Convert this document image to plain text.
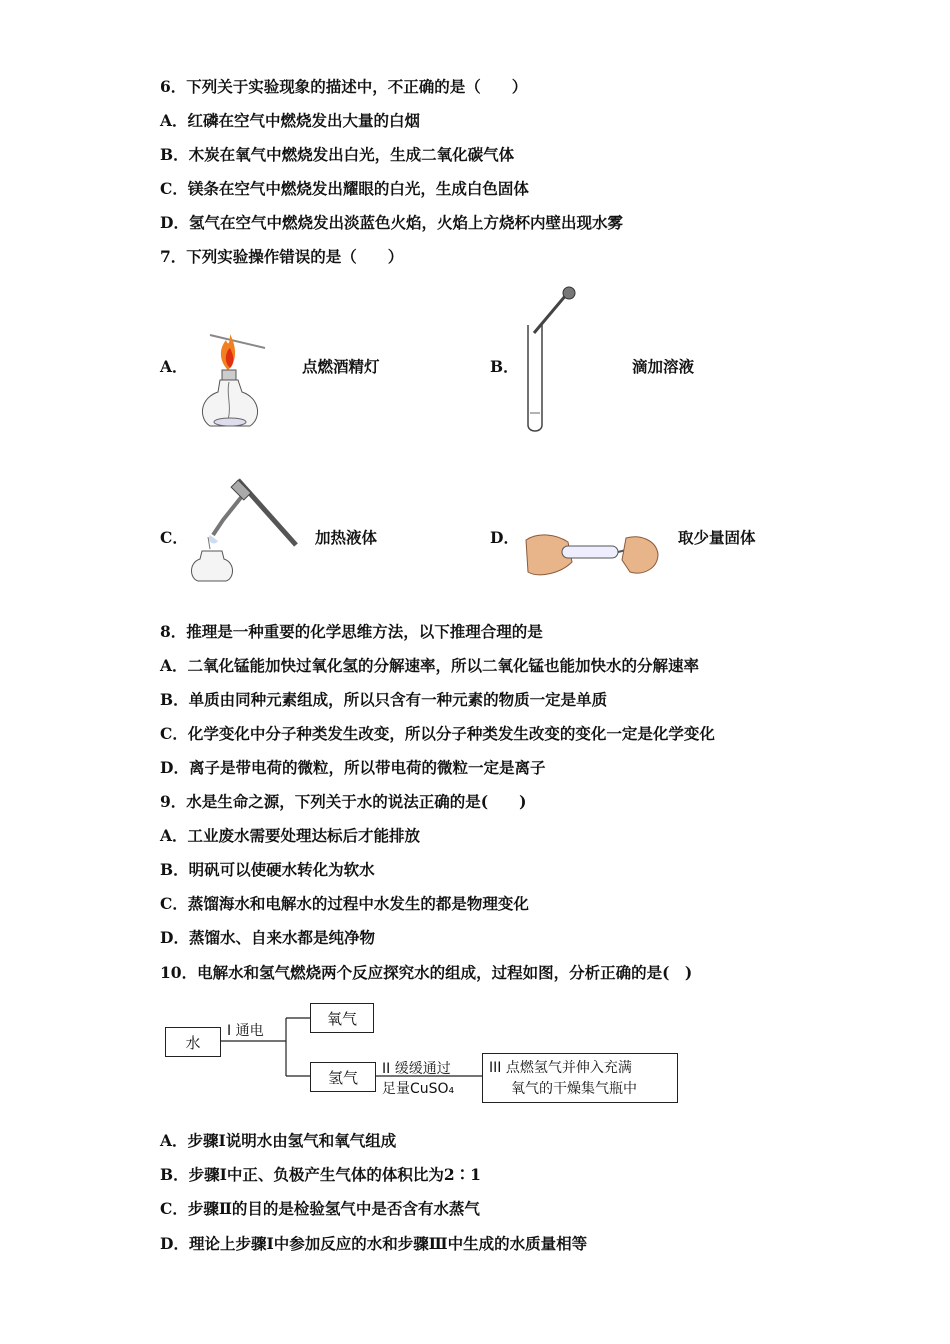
6．下列关于实验现象的描述中，不正确的是（　　）
A．红磷在空气中燃烧发出大量的白烟
B．木炭在氧气中燃烧发出白光，生成二氧化碳气体
C．镁条在空气中燃烧发出耀眼的白光，生成白色固体
D．氢气在空气中燃烧发出淡蓝色火焰，火焰上方烧杯内壁出现水雾
7．下列实验操作错误的是（　　）
A．	点燃酒精灯	B．	滴加溶液
C．	加热液体	D．	取少量固体
8．推理是一种重要的化学思维方法，以下推理合理的是
A．二氧化锰能加快过氧化氢的分解速率，所以二氧化锰也能加快水的分解速率
B．单质由同种元素组成，所以只含有一种元素的物质一定是单质
C．化学变化中分子种类发生改变，所以分子种类发生改变的变化一定是化学变化
D．离子是带电荷的微粒，所以带电荷的微粒一定是离子
9．水是生命之源，下列关于水的说法正确的是(　　)
A．工业废水需要处理达标后才能排放
B．明矾可以使硬水转化为软水
C．蒸馏海水和电解水的过程中水发生的都是物理变化
D．蒸馏水、自来水都是纯净物
10．电解水和氢气燃烧两个反应探究水的组成，过程如图，分析正确的是(　)
水
I 通电
氧气
氢气	II 缓缓通过
足量CuSO₄
III 点燃氢气并伸入充满
氧气的干燥集气瓶中
A．步骤Ⅰ说明水由氢气和氧气组成
B．步骤Ⅰ中正、负极产生气体的体积比为2∶1
C．步骤Ⅱ的目的是检验氢气中是否含有水蒸气
D．理论上步骤Ⅰ中参加反应的水和步骤Ⅲ中生成的水质量相等
